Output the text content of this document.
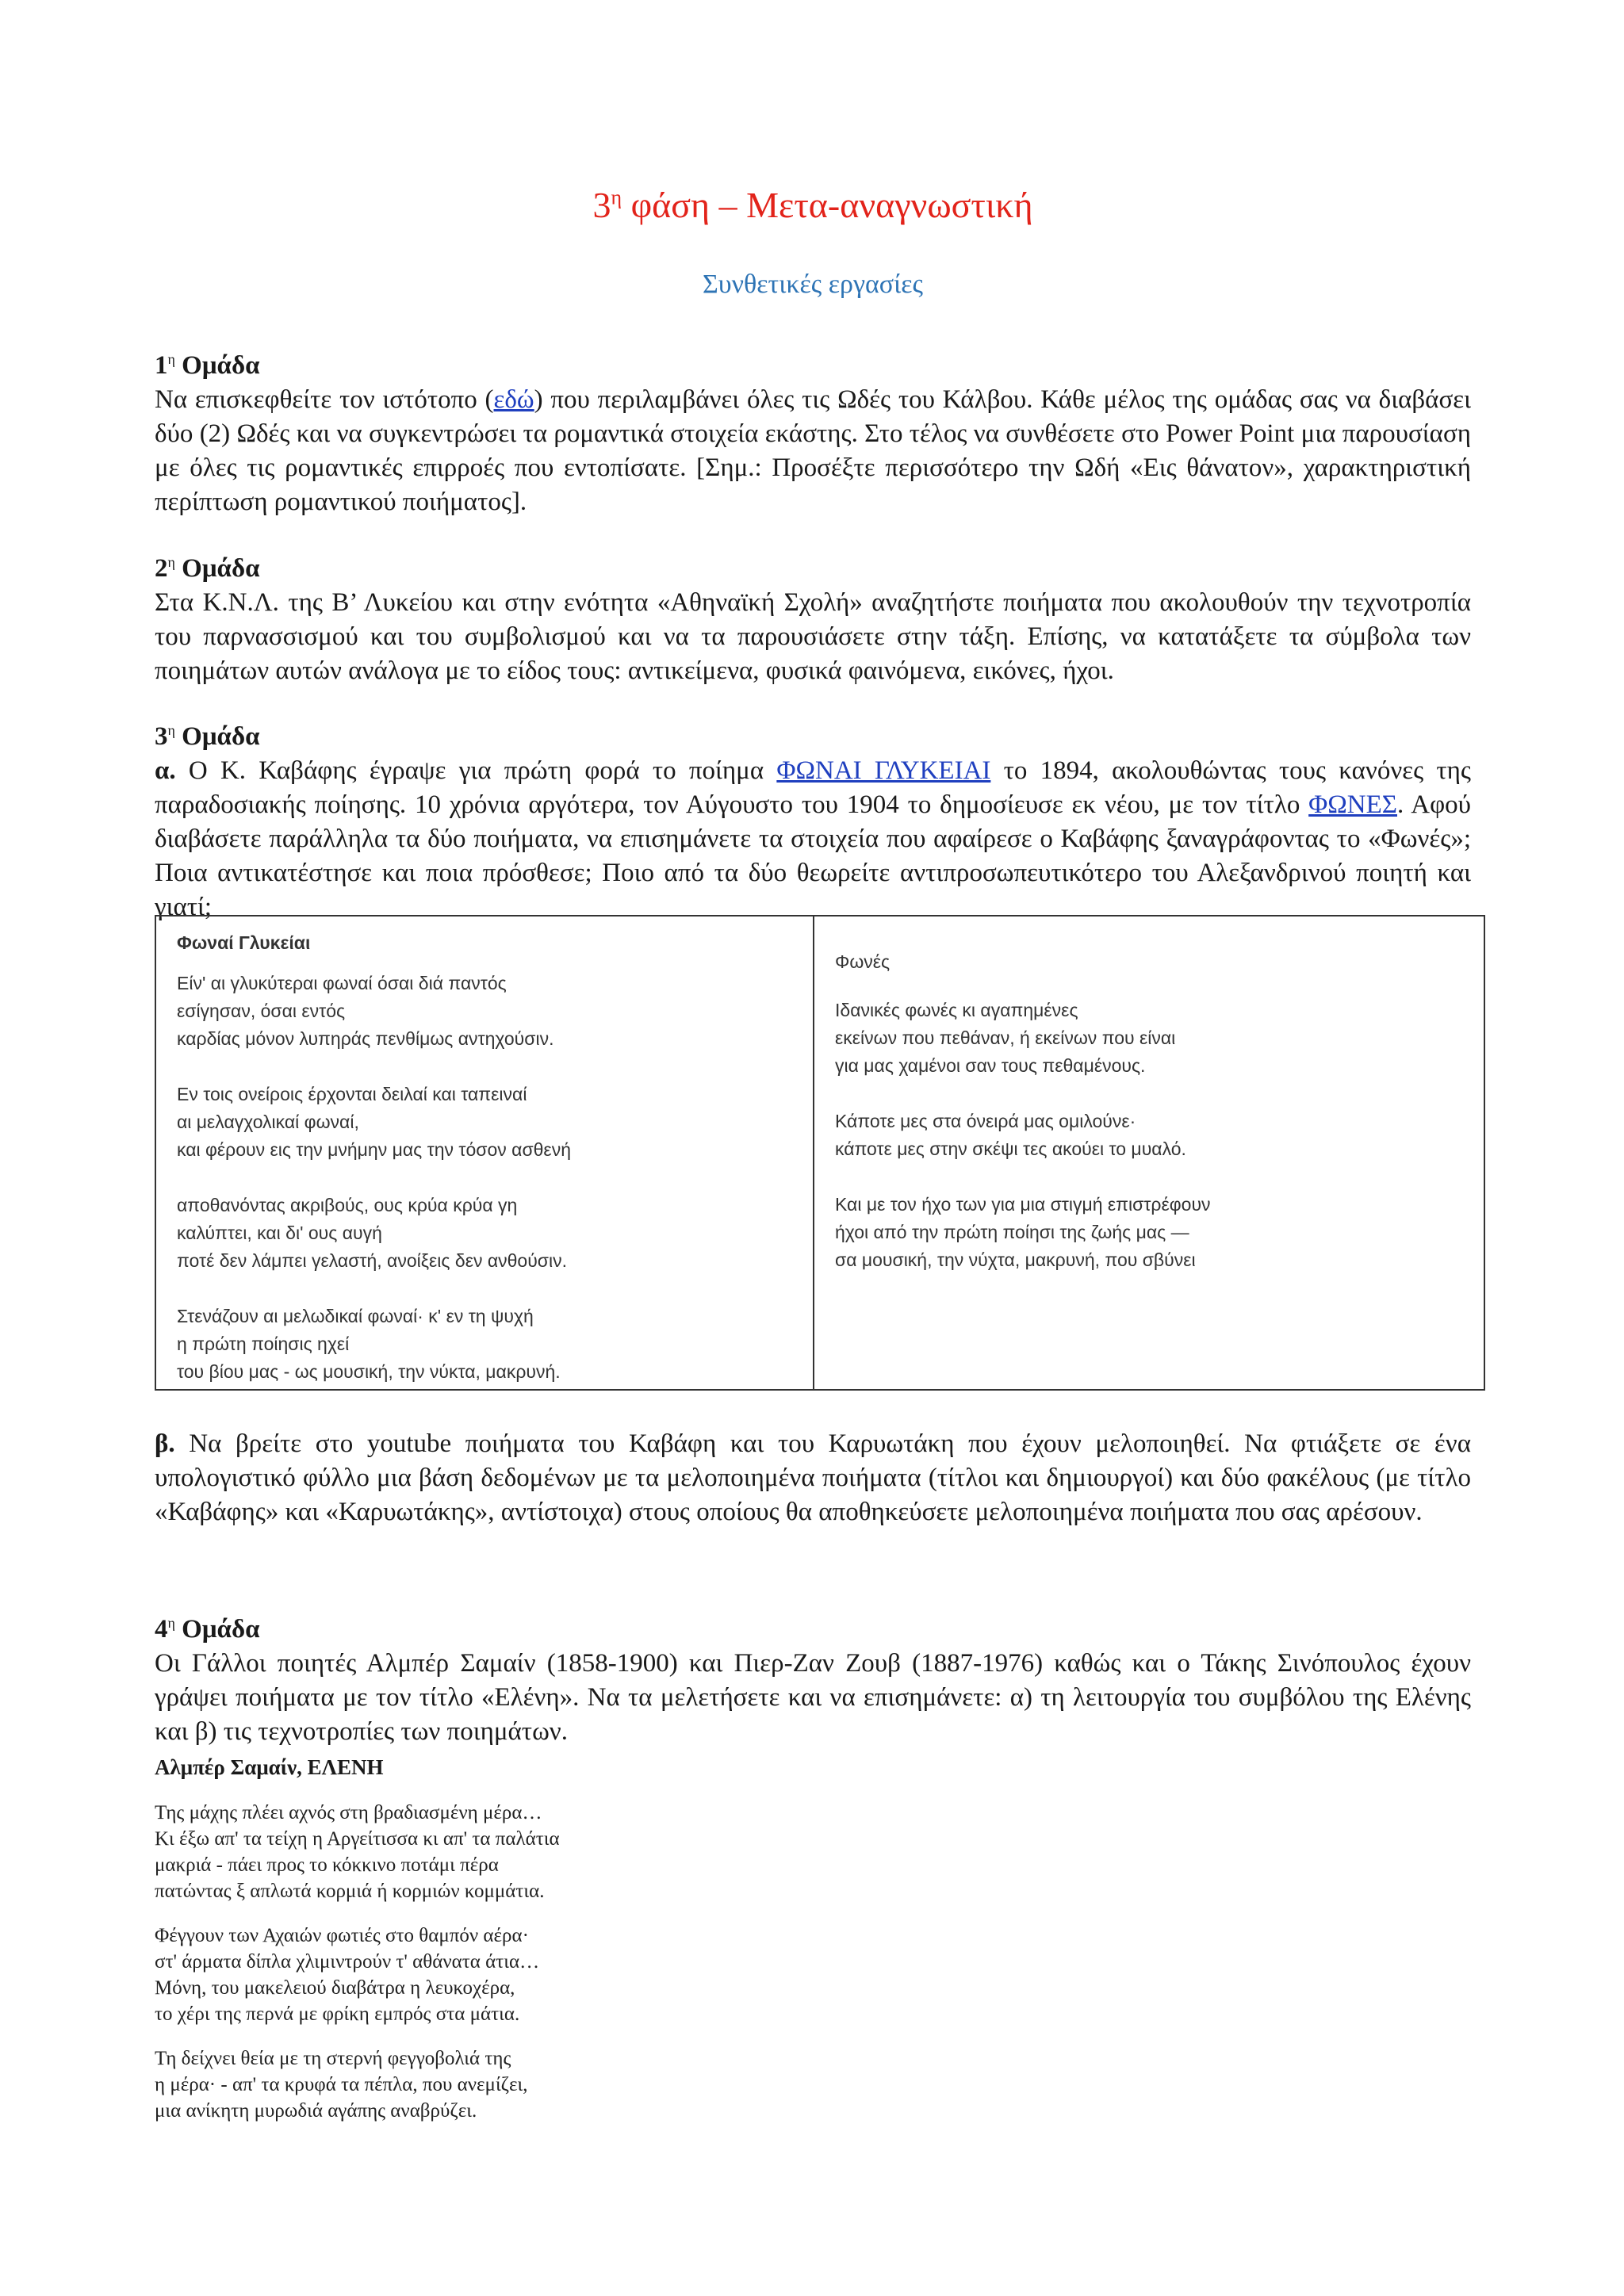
$3^\eta$ φάση – Μετα-αναγνωστική
Συνθετικές εργασίες
$1^\eta$ Ομάδα

Να επισκεφθείτε τον ιστότοπο (εδώ) που περιλαμβάνει όλες τις Ωδές του Κάλβου. Κάθε μέλος της ομάδας σας να διαβάσει δύο (2) Ωδές και να συγκεντρώσει τα ρομαντικά στοιχεία εκάστης. Στο τέλος να συνθέσετε στο Power Point μια παρουσίαση με όλες τις ρομαντικές επιρροές που εντοπίσατε. [Σημ.: Προσέξτε περισσότερο την Ωδή «Εις θάνατον», χαρακτηριστική περίπτωση ρομαντικού ποιήματος].

$2^\eta$ Ομάδα

Στα Κ.Ν.Λ. της Β’ Λυκείου και στην ενότητα «Αθηναϊκή Σχολή» αναζητήστε ποιήματα που ακολουθούν την τεχνοτροπία του παρνασσισμού και του συμβολισμού και να τα παρουσιάσετε στην τάξη. Επίσης, να κατατάξετε τα σύμβολα των ποιημάτων αυτών ανάλογα με το είδος τους: αντικείμενα, φυσικά φαινόμενα, εικόνες, ήχοι.

$3^\eta$ Ομάδα

α. Ο Κ. Καβάφης έγραψε για πρώτη φορά το ποίημα ΦΩΝΑΙ ΓΛΥΚΕΙΑΙ το 1894, ακολουθώντας τους κανόνες της παραδοσιακής ποίησης. 10 χρόνια αργότερα, τον Αύγουστο του 1904 το δημοσίευσε εκ νέου, με τον τίτλο ΦΩΝΕΣ. Αφού διαβάσετε παράλληλα τα δύο ποιήματα, να επισημάνετε τα στοιχεία που αφαίρεσε ο Καβάφης ξαναγράφοντας το «Φωνές»; Ποια αντικατέστησε και ποια πρόσθεσε; Ποιο από τα δύο θεωρείτε αντιπροσωπευτικότερο του Αλεξανδρινού ποιητή και γιατί;

Φωναί Γλυκείαι
Είν' αι γλυκύτεραι φωναί όσαι διά παντός
εσίγησαν, όσαι εντός
καρδίας μόνον λυπηράς πενθίμως αντηχούσιν.
Εν τοις ονείροις έρχονται δειλαί και ταπειναί
αι μελαγχολικαί φωναί,
και φέρουν εις την μνήμην μας την τόσον ασθενή
αποθανόντας ακριβούς, ους κρύα κρύα γη
καλύπτει, και δι' ους αυγή
ποτέ δεν λάμπει γελαστή, ανοίξεις δεν ανθούσιν.
Στενάζουν αι μελωδικαί φωναί· κ' εν τη ψυχή
η πρώτη ποίησις ηχεί
του βίου μας - ως μουσική, την νύκτα, μακρυνή.
Φωνές
Ιδανικές φωνές κι αγαπημένες
εκείνων που πεθάναν, ή εκείνων που είναι
για μας χαμένοι σαν τους πεθαμένους.
Κάποτε μες στα όνειρά μας ομιλούνε·
κάποτε μες στην σκέψι τες ακούει το μυαλό.
Και με τον ήχο των για μια στιγμή επιστρέφουν
ήχοι από την πρώτη ποίησι της ζωής μας —
σα μουσική, την νύχτα, μακρυνή, που σβύνει

β. Να βρείτε στο youtube ποιήματα του Καβάφη και του Καρυωτάκη που έχουν μελοποιηθεί. Να φτιάξετε σε ένα υπολογιστικό φύλλο μια βάση δεδομένων με τα μελοποιημένα ποιήματα (τίτλοι και δημιουργοί) και δύο φακέλους (με τίτλο «Καβάφης» και «Καρυωτάκης», αντίστοιχα) στους οποίους θα αποθηκεύσετε μελοποιημένα ποιήματα που σας αρέσουν.

$4^\eta$ Ομάδα

Οι Γάλλοι ποιητές Αλμπέρ Σαμαίν (1858-1900) και Πιερ-Ζαν Ζουβ (1887-1976) καθώς και ο Τάκης Σινόπουλος έχουν γράψει ποιήματα με τον τίτλο «Ελένη». Να τα μελετήσετε και να επισημάνετε: α) τη λειτουργία του συμβόλου της Ελένης και β) τις τεχνοτροπίες των ποιημάτων.

Αλμπέρ Σαμαίν, ΕΛΕΝΗ
Της μάχης πλέει αχνός στη βραδιασμένη μέρα…
Κι έξω απ' τα τείχη η Αργείτισσα κι απ' τα παλάτια
μακριά - πάει προς το κόκκινο ποτάμι πέρα
πατώντας ξ απλωτά κορμιά ή κορμιών κομμάτια.
Φέγγουν των Αχαιών φωτιές στο θαμπόν αέρα·
στ' άρματα δίπλα χλιμιντρούν τ' αθάνατα άτια…
Μόνη, του μακελειού διαβάτρα η λευκοχέρα,
το χέρι της περνά με φρίκη εμπρός στα μάτια.
Τη δείχνει θεία με τη στερνή φεγγοβολιά της
η μέρα· - απ' τα κρυφά τα πέπλα, που ανεμίζει,
μια ανίκητη μυρωδιά αγάπης αναβρύζει.
